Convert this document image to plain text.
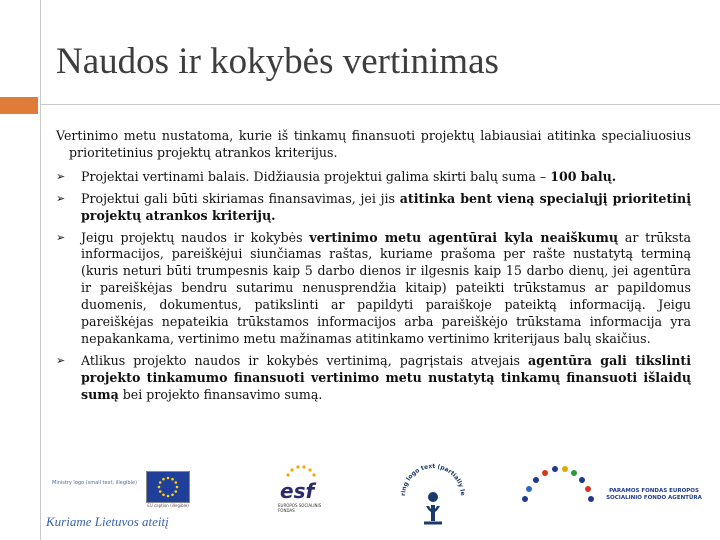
Naudos ir kokybės vertinimas

Vertinimo metu nustatoma, kurie iš tinkamų finansuoti projektų labiausiai atitinka specialiuosius prioritetinius projektų atrankos kriterijus.

➢ Projektai vertinami balais. Didžiausia projektui galima skirti balų suma – 100 balų.
➢ Projektui gali būti skiriamas finansavimas, jei jis atitinka bent vieną specialųjį prioritetinį projektų atrankos kriterijų.
➢ Jeigu projektų naudos ir kokybės vertinimo metu agentūrai kyla neaiškumų ar trūksta informacijos, pareiškėjui siunčiamas raštas, kuriame prašoma per rašte nustatytą terminą (kuris neturi būti trumpesnis kaip 5 darbo dienos ir ilgesnis kaip 15 darbo dienų, jei agentūra ir pareiškėjas bendru sutarimu nenusprendžia kitaip) pateikti trūkstamus ar papildomus duomenis, dokumentus, patikslinti ar papildyti paraiškoje pateiktą informaciją. Jeigu pareiškėjas nepateikia trūkstamos informacijos arba pareiškėjo trūkstama informacija yra nepakankama, vertinimo metu mažinamas atitinkamo vertinimo kriterijaus balų skaičius.
➢ Atlikus projekto naudos ir kokybės vertinimą, pagrįstais atvejais agentūra gali tikslinti projekto tinkamumo finansuoti vertinimo metu nustatytą tinkamų finansuoti išlaidų sumą bei projekto finansavimo sumą.
Ministry logo (small text, illegible)
EU caption (illegible)
Kuriame Lietuvos ateitį
esf
EUROPOS SOCIALINIS FONDAS
ring logo text (partially le	PARAMOS FONDAS EUROPOS SOCIALINIO FONDO AGENTŪRA
